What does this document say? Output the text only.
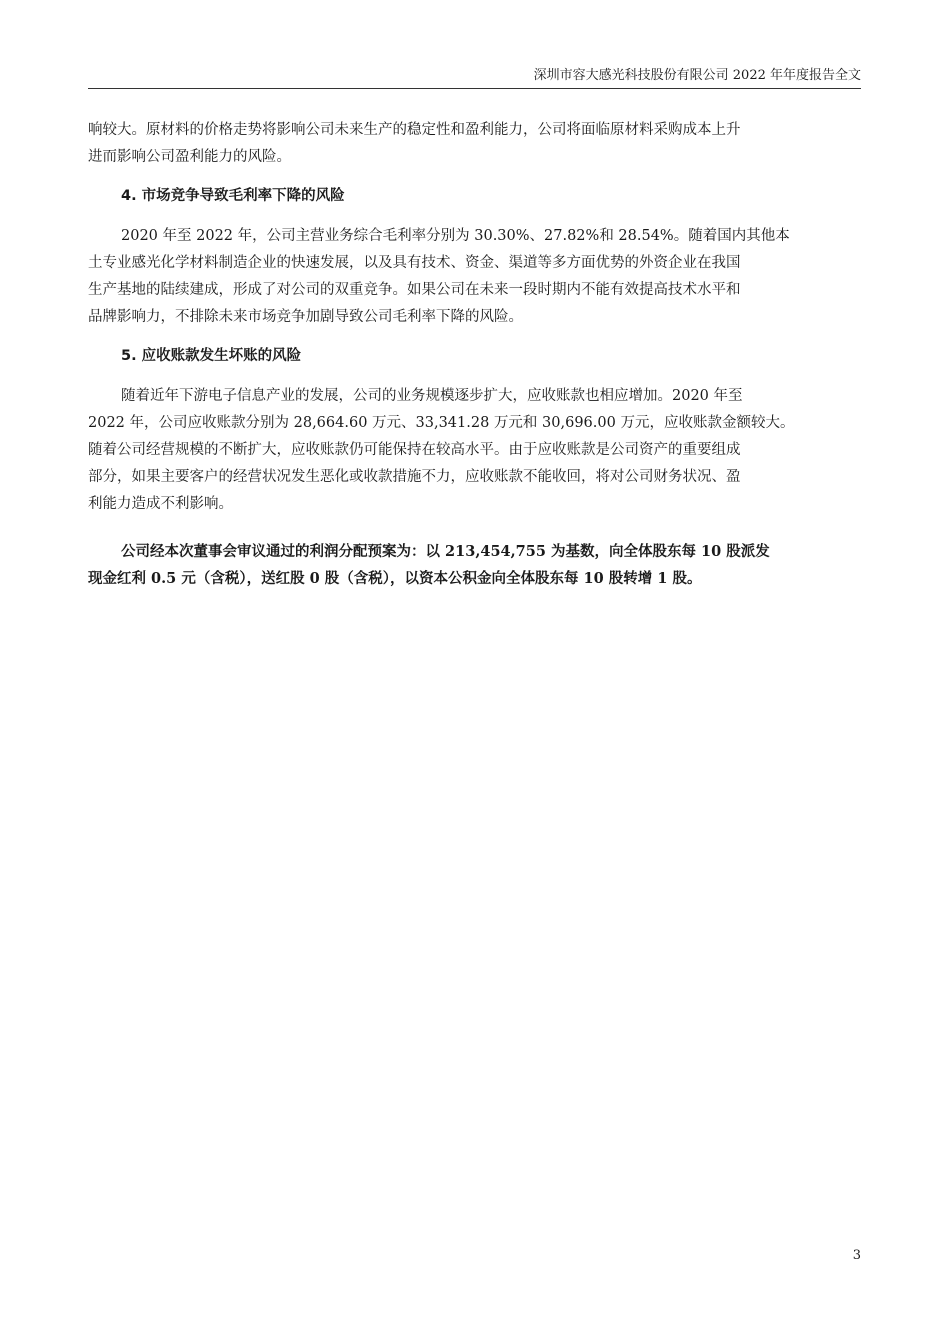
深圳市容大感光科技股份有限公司 2022 年年度报告全文

响较大。原材料的价格走势将影响公司未来生产的稳定性和盈利能力，公司将面临原材料采购成本上升
进而影响公司盈利能力的风险。

4. 市场竞争导致毛利率下降的风险

2020 年至 2022 年，公司主营业务综合毛利率分别为 30.30%、27.82%和 28.54%。随着国内其他本
土专业感光化学材料制造企业的快速发展，以及具有技术、资金、渠道等多方面优势的外资企业在我国
生产基地的陆续建成，形成了对公司的双重竞争。如果公司在未来一段时期内不能有效提高技术水平和
品牌影响力，不排除未来市场竞争加剧导致公司毛利率下降的风险。

5. 应收账款发生坏账的风险

随着近年下游电子信息产业的发展，公司的业务规模逐步扩大，应收账款也相应增加。2020 年至
2022 年，公司应收账款分别为 28,664.60 万元、33,341.28 万元和 30,696.00 万元，应收账款金额较大。
随着公司经营规模的不断扩大，应收账款仍可能保持在较高水平。由于应收账款是公司资产的重要组成
部分，如果主要客户的经营状况发生恶化或收款措施不力，应收账款不能收回，将对公司财务状况、盈
利能力造成不利影响。

公司经本次董事会审议通过的利润分配预案为：以 213,454,755 为基数，向全体股东每 10 股派发
现金红利 0.5 元（含税），送红股 0 股（含税），以资本公积金向全体股东每 10 股转增 1 股。

3
